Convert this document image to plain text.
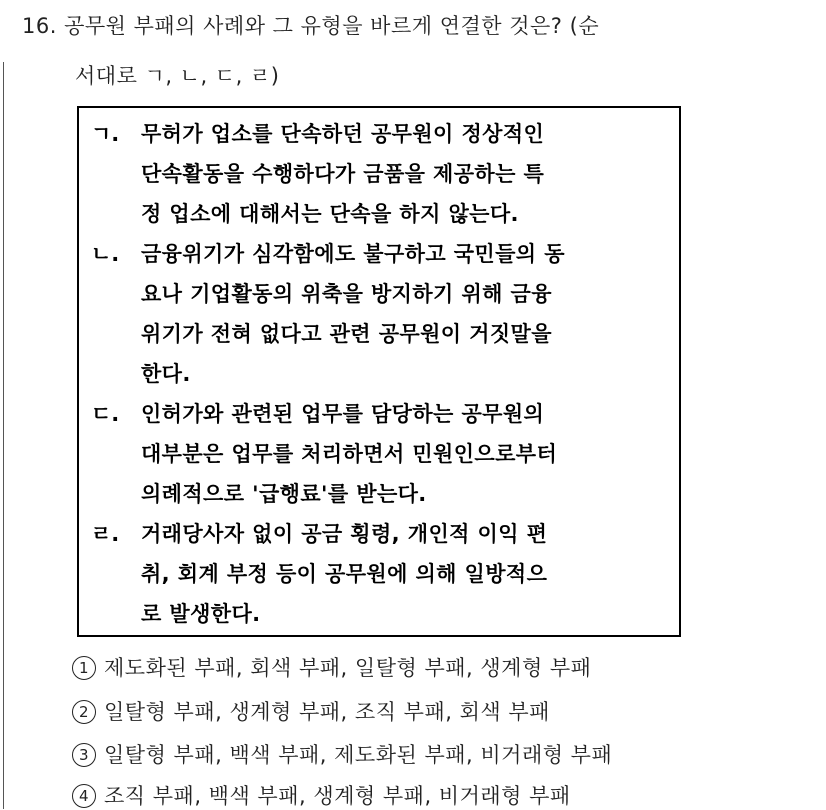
16. 공무원 부패의 사례와 그 유형을 바르게 연결한 것은? (순
서대로 ㄱ, ㄴ, ㄷ, ㄹ)
ㄱ. 무허가 업소를 단속하던 공무원이 정상적인
단속활동을 수행하다가 금품을 제공하는 특
정 업소에 대해서는 단속을 하지 않는다.
ㄴ. 금융위기가 심각함에도 불구하고 국민들의 동
요나 기업활동의 위축을 방지하기 위해 금융
위기가 전혀 없다고 관련 공무원이 거짓말을
한다.
ㄷ. 인허가와 관련된 업무를 담당하는 공무원의
대부분은 업무를 처리하면서 민원인으로부터
의례적으로 '급행료'를 받는다.
ㄹ. 거래당사자 없이 공금 횡령, 개인적 이익 편
취, 회계 부정 등이 공무원에 의해 일방적으
로 발생한다.
1 제도화된 부패, 회색 부패, 일탈형 부패, 생계형 부패
2 일탈형 부패, 생계형 부패, 조직 부패, 회색 부패
3 일탈형 부패, 백색 부패, 제도화된 부패, 비거래형 부패
4 조직 부패, 백색 부패, 생계형 부패, 비거래형 부패
